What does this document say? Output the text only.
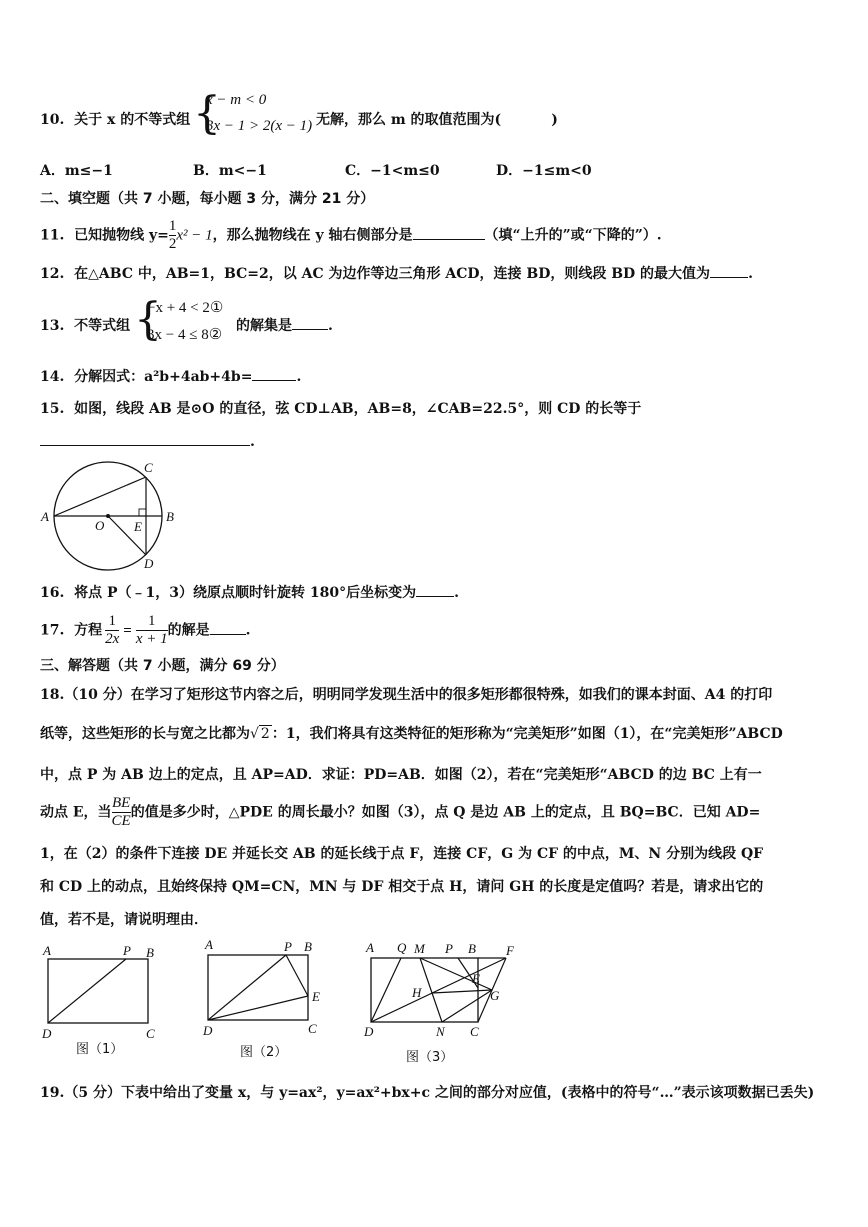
10. 关于 x 的不等式组 {
x − m < 0
3x − 1 > 2(x − 1) 无解，那么 m 的取值范围为(	)
A．m≤−1	B．m<−1	C．−1<m≤0	D．−1≤m<0
二、填空题（共 7 小题，每小题 3 分，满分 21 分）
11. 已知抛物线 $y= \frac{1}{2} x^2 - 1$，那么抛物线在 y 轴右侧部分是	（填“上升的”或“下降的”）.
12. 在△ABC 中，AB=1，BC=2，以 AC 为边作等边三角形 ACD，连接 BD，则线段 BD 的最大值为	.
13. 不等式组 {
−x + 4 < 2①
3x − 4 ≤ 8②
的解集是	.
14. 分解因式：a²b+4ab+4b=	.
15. 如图，线段 AB 是⊙O 的直径，弦 CD⊥AB，AB=8，∠CAB=22.5°，则 CD 的长等于
.
A	B
C
D
O E
16. 将点 P（﹣1，3）绕原点顺时针旋转 180°后坐标变为	.
17. 方程 $\frac{1}{2x} = \frac{1}{x + 1}$ 的解是	.
三、解答题（共 7 小题，满分 69 分）
18.（10 分）在学习了矩形这节内容之后，明明同学发现生活中的很多矩形都很特殊，如我们的课本封面、A4 的打印
纸等，这些矩形的长与宽之比都为√ 2 ：1，我们将具有这类特征的矩形称为“完美矩形”如图（1），在“完美矩形”ABCD
中，点 P 为 AB 边上的定点，且 AP=AD．求证：PD=AB．如图（2），若在“完美矩形“ABCD 的边 BC 上有一
动点 E，当 $\frac{BE}{CE}$ 的值是多少时，△PDE 的周长最小？如图（3），点 Q 是边 AB 上的定点，且 BQ=BC．已知 AD=
1，在（2）的条件下连接 DE 并延长交 AB 的延长线于点 F，连接 CF，G 为 CF 的中点，M、N 分别为线段 QF
和 CD 上的动点，且始终保持 QM=CN，MN 与 DF 相交于点 H，请问 GH 的长度是定值吗？若是，请求出它的
值，若不是，请说明理由．
A	P B
D	C
图（1）
A	P B
E
D	C
图（2）
A Q M P B F
E
H	G
D	N C
图（3）
19.（5 分）下表中给出了变量 x，与 y=ax²，y=ax²+bx+c 之间的部分对应值，(表格中的符号“…”表示该项数据已丢失)
